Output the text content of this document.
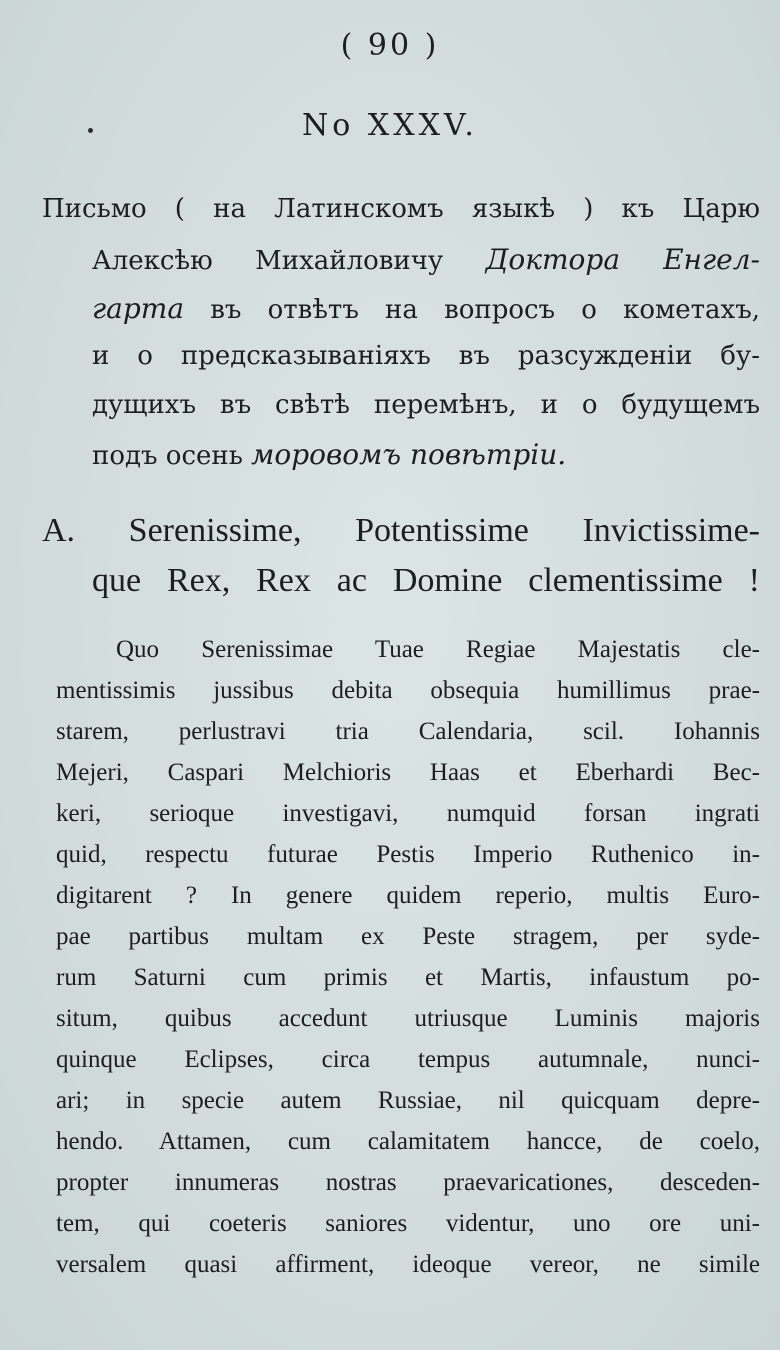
( 90 )
No XXXV.
Письмо ( на Латинскомъ языкѣ ) къ Царю
Алексѣю Михайловичу Доктора Енгел-
гарта въ отвѣтъ на вопросъ о кометахъ,
и о предсказываніяхъ въ разсужденіи бу-
дущихъ въ свѣтѣ перемѣнъ, и о будущемъ
подъ осень моровомъ повѣтріи.
A. Serenissime, Potentissime Invictissime-
que Rex, Rex ac Domine clementissime !
Quo Serenissimae Tuae Regiae Majestatis cle-
mentissimis jussibus debita obsequia humillimus prae-
starem, perlustravi tria Calendaria, scil. Iohannis
Mejeri, Caspari Melchioris Haas et Eberhardi Bec-
keri, serioque investigavi, numquid forsan ingrati
quid, respectu futurae Pestis Imperio Ruthenico in-
digitarent ? In genere quidem reperio, multis Euro-
pae partibus multam ex Peste stragem, per syde-
rum Saturni cum primis et Martis, infaustum po-
situm, quibus accedunt utriusque Luminis majoris
quinque Eclipses, circa tempus autumnale, nunci-
ari; in specie autem Russiae, nil quicquam depre-
hendo. Attamen, cum calamitatem hancce, de coelo,
propter innumeras nostras praevaricationes, desceden-
tem, qui coeteris saniores videntur, uno ore uni-
versalem quasi affirment, ideoque vereor, ne simile
